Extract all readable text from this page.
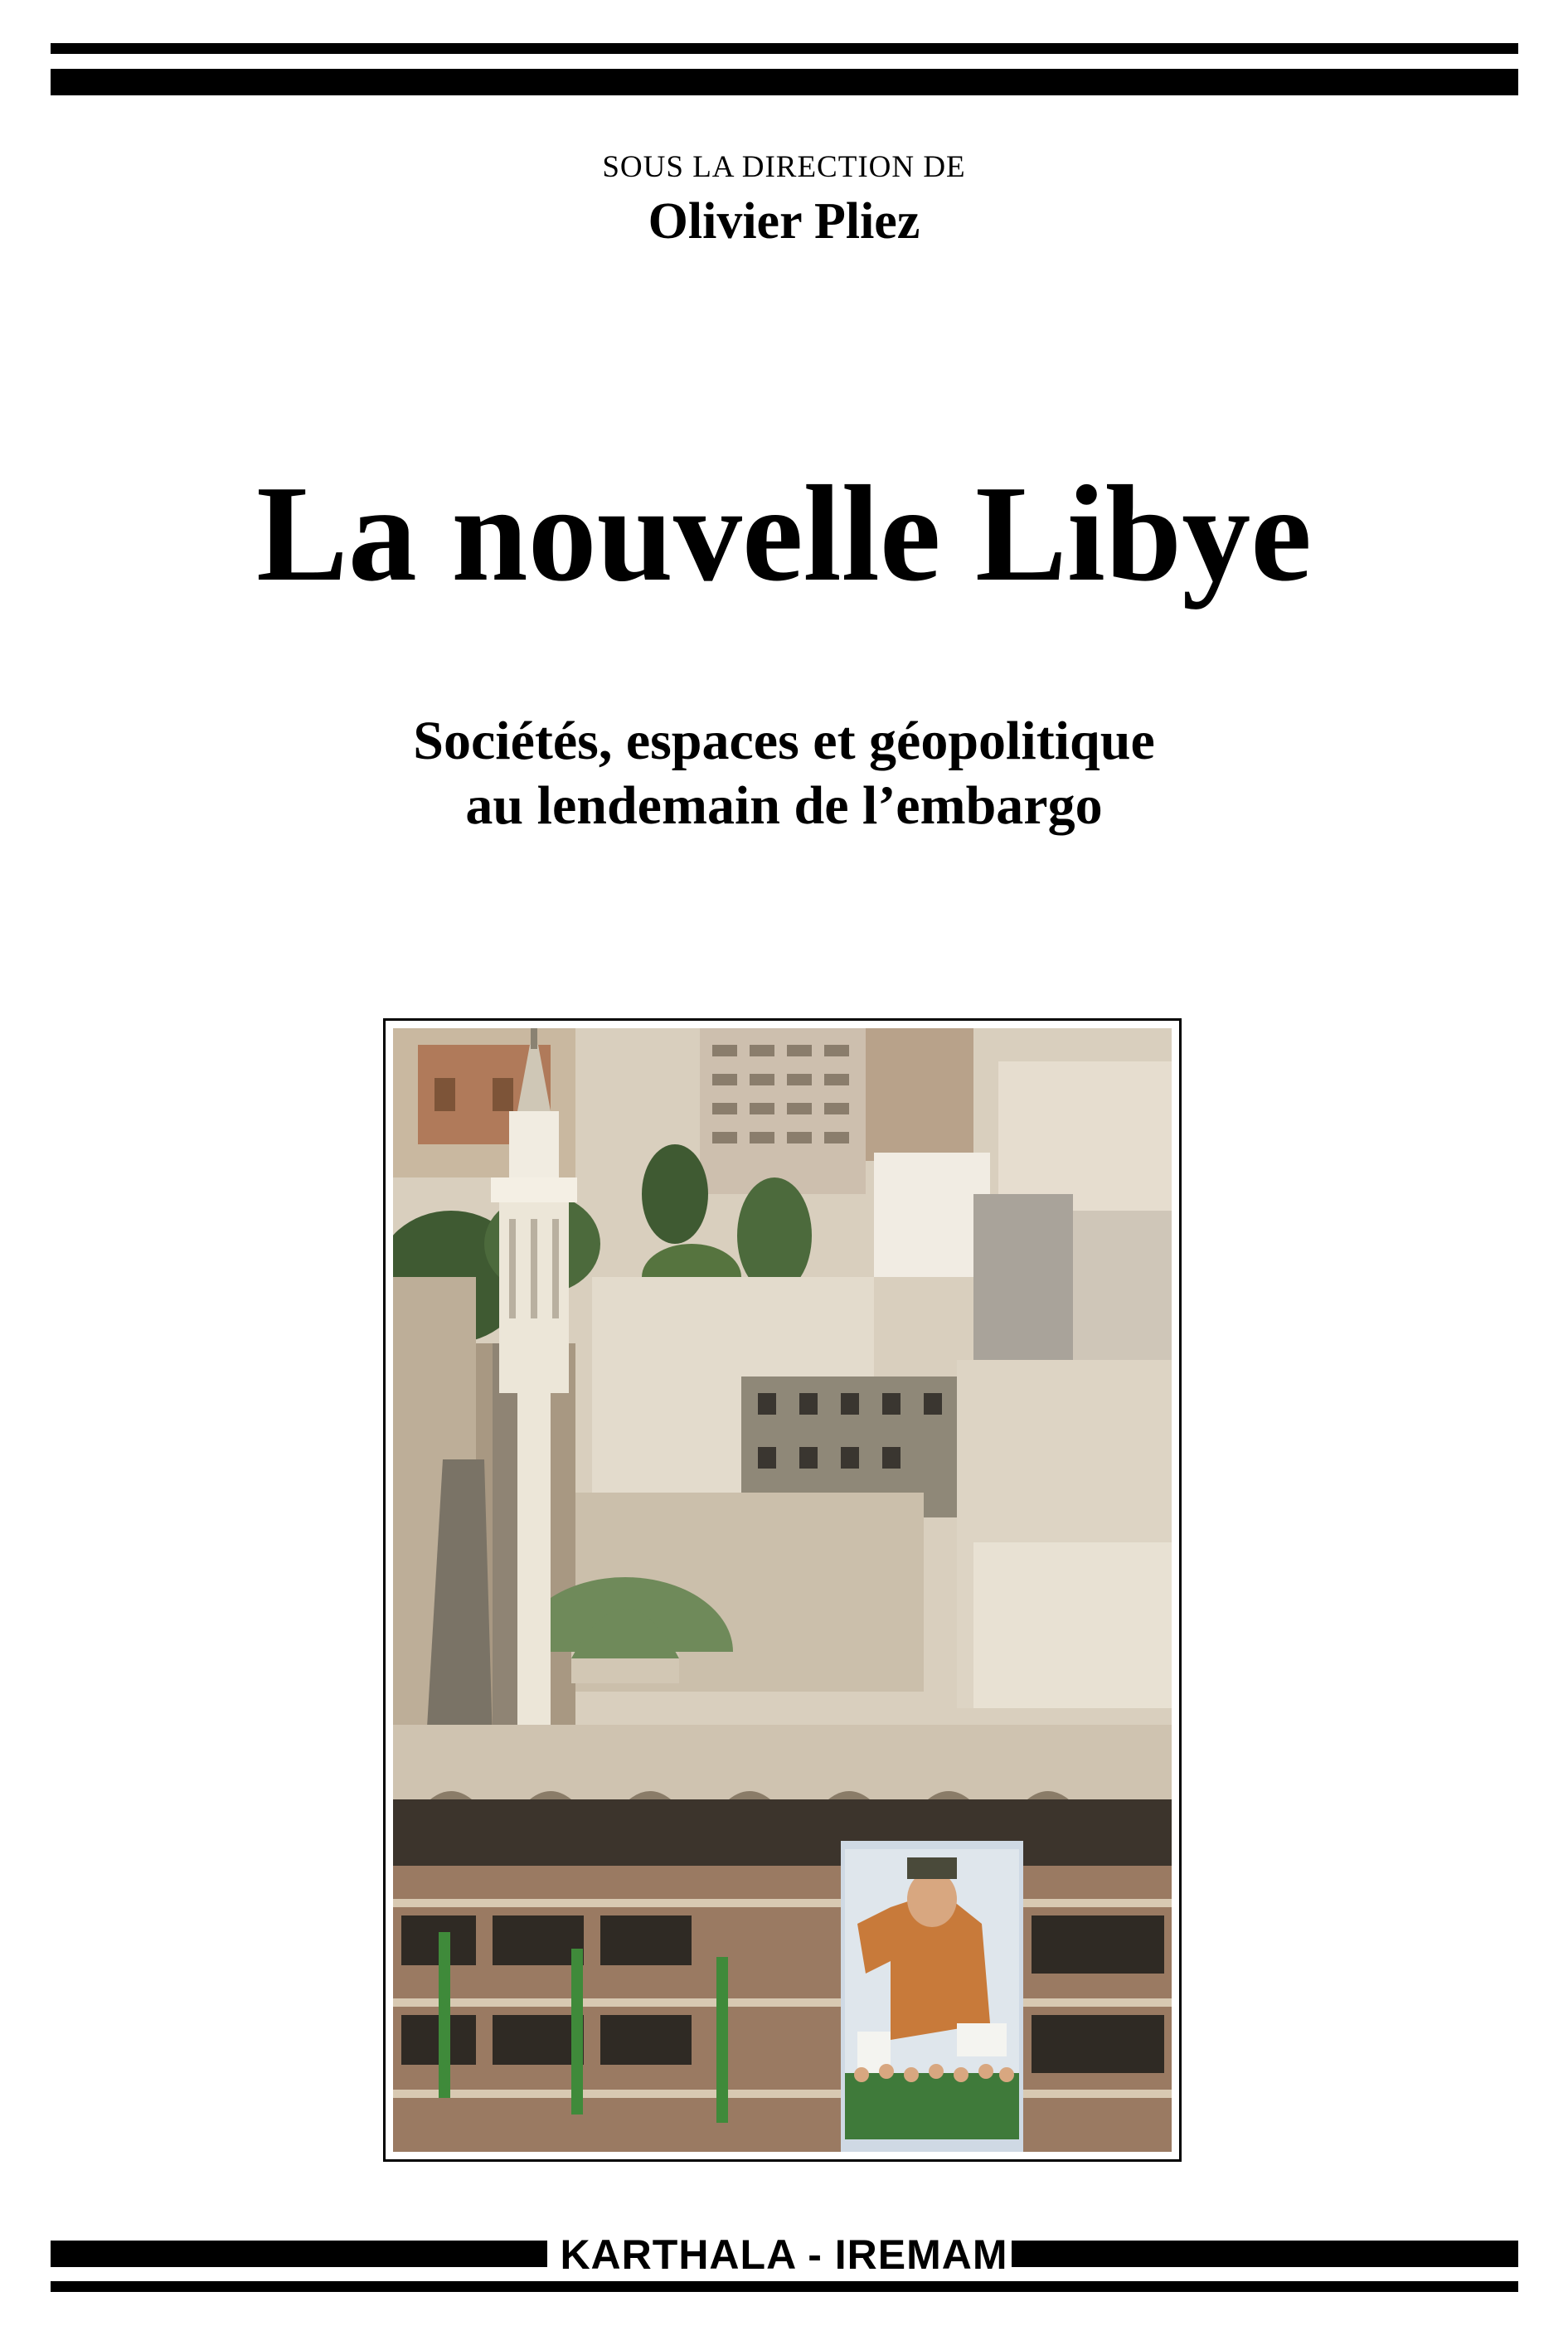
SOUS LA DIRECTION DE
Olivier Pliez
La nouvelle Libye
Sociétés, espaces et géopolitique
au lendemain de l’embargo
KARTHALA - IREMAM
